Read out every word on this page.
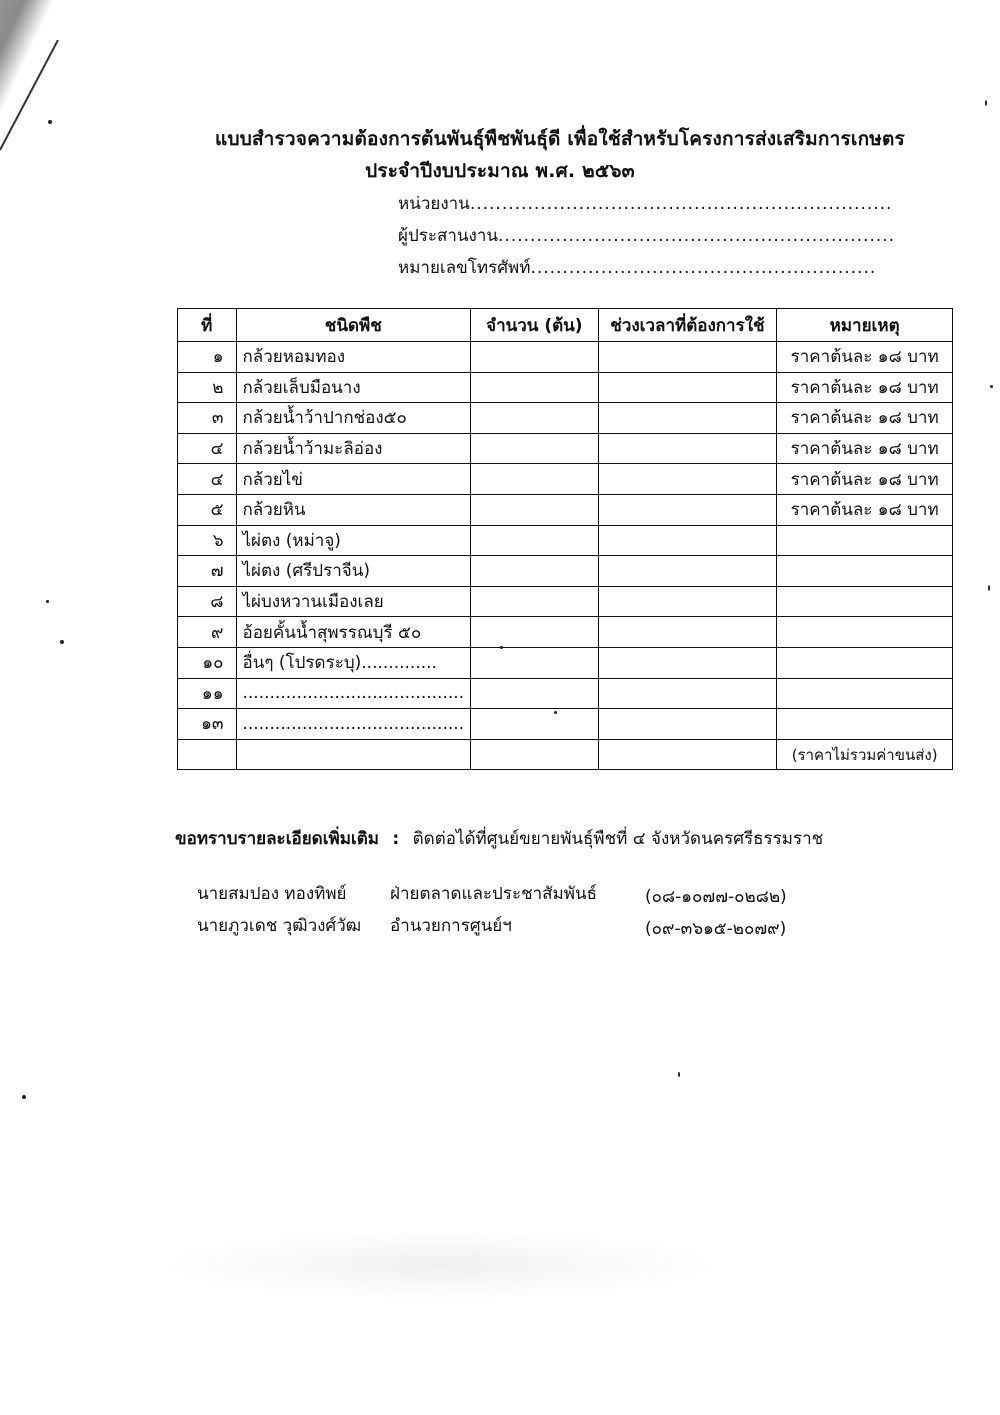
แบบสำรวจความต้องการต้นพันธุ์พืชพันธุ์ดี เพื่อใช้สำหรับโครงการส่งเสริมการเกษตร
ประจำปีงบประมาณ พ.ศ. ๒๕๖๓
หน่วยงาน..................................................................
ผู้ประสานงาน..............................................................
หมายเลขโทรศัพท์......................................................
ที่	ชนิดพืช	จำนวน (ต้น)	ช่วงเวลาที่ต้องการใช้	หมายเหตุ
๑	กล้วยหอมทอง			ราคาต้นละ ๑๘ บาท
๒	กล้วยเล็บมือนาง			ราคาต้นละ ๑๘ บาท
๓	กล้วยน้ำว้าปากช่อง๕๐			ราคาต้นละ ๑๘ บาท
๔	กล้วยน้ำว้ามะลิอ่อง			ราคาต้นละ ๑๘ บาท
๔	กล้วยไข่			ราคาต้นละ ๑๘ บาท
๕	กล้วยหิน			ราคาต้นละ ๑๘ บาท
๖	ไผ่ตง (หม่าจู)			
๗	ไผ่ตง (ศรีปราจีน)			
๘	ไผ่บงหวานเมืองเลย			
๙	อ้อยคั้นน้ำสุพรรณบุรี ๕๐			
๑๐	อื่นๆ (โปรดระบุ)..............			
๑๑	.........................................			
๑๓	.........................................			
				(ราคาไม่รวมค่าขนส่ง)
ขอทราบรายละเอียดเพิ่มเติม : ติดต่อได้ที่ศูนย์ขยายพันธุ์พืชที่ ๔ จังหวัดนครศรีธรรมราช
นายสมปอง ทองทิพย์	ฝ่ายตลาดและประชาสัมพันธ์	(๐๘-๑๐๗๗-๐๒๘๒)
นายภูวเดช วุฒิวงศ์วัฒ อำนวยการศูนย์ฯ	(๐๙-๓๖๑๕-๒๐๗๙)
